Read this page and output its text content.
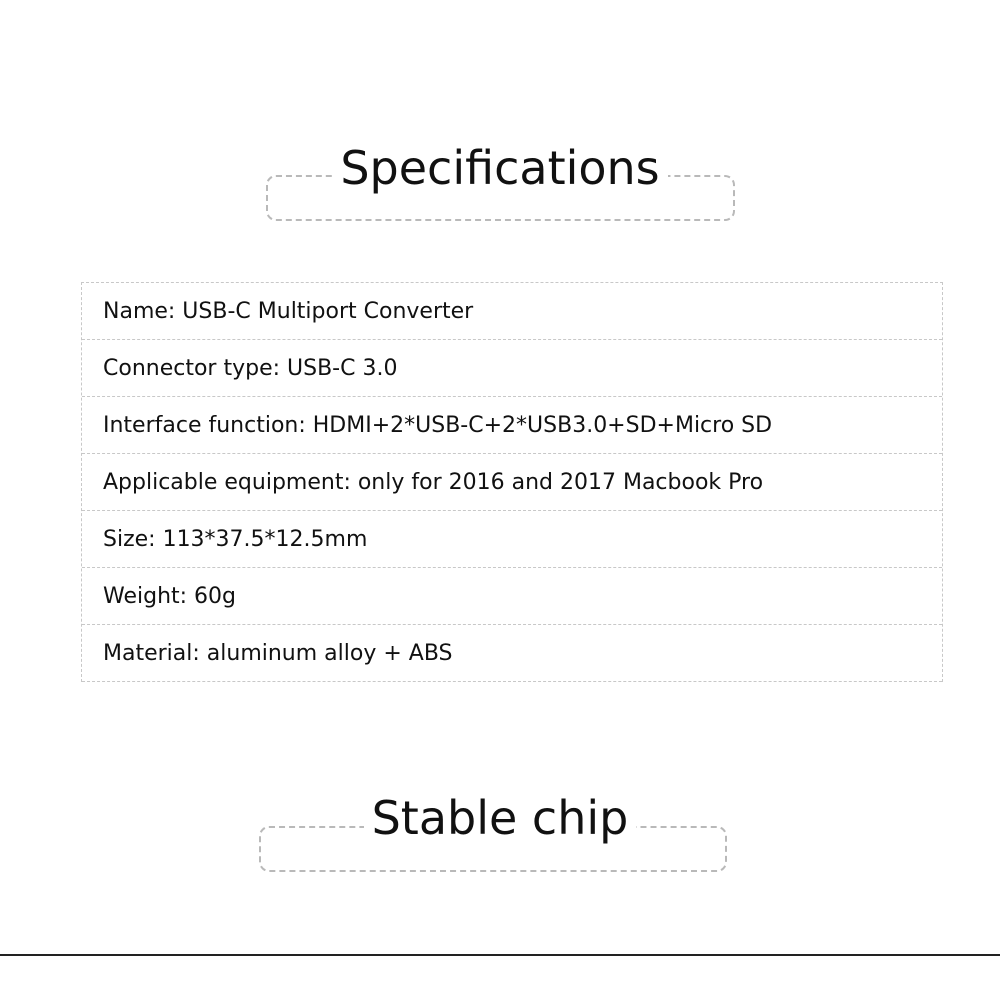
Specifications
Name: USB-C Multiport Converter
Connector type: USB-C 3.0
Interface function: HDMI+2*USB-C+2*USB3.0+SD+Micro SD
Applicable equipment: only for 2016 and 2017 Macbook Pro
Size: 113*37.5*12.5mm
Weight: 60g
Material: aluminum alloy + ABS
Stable chip
